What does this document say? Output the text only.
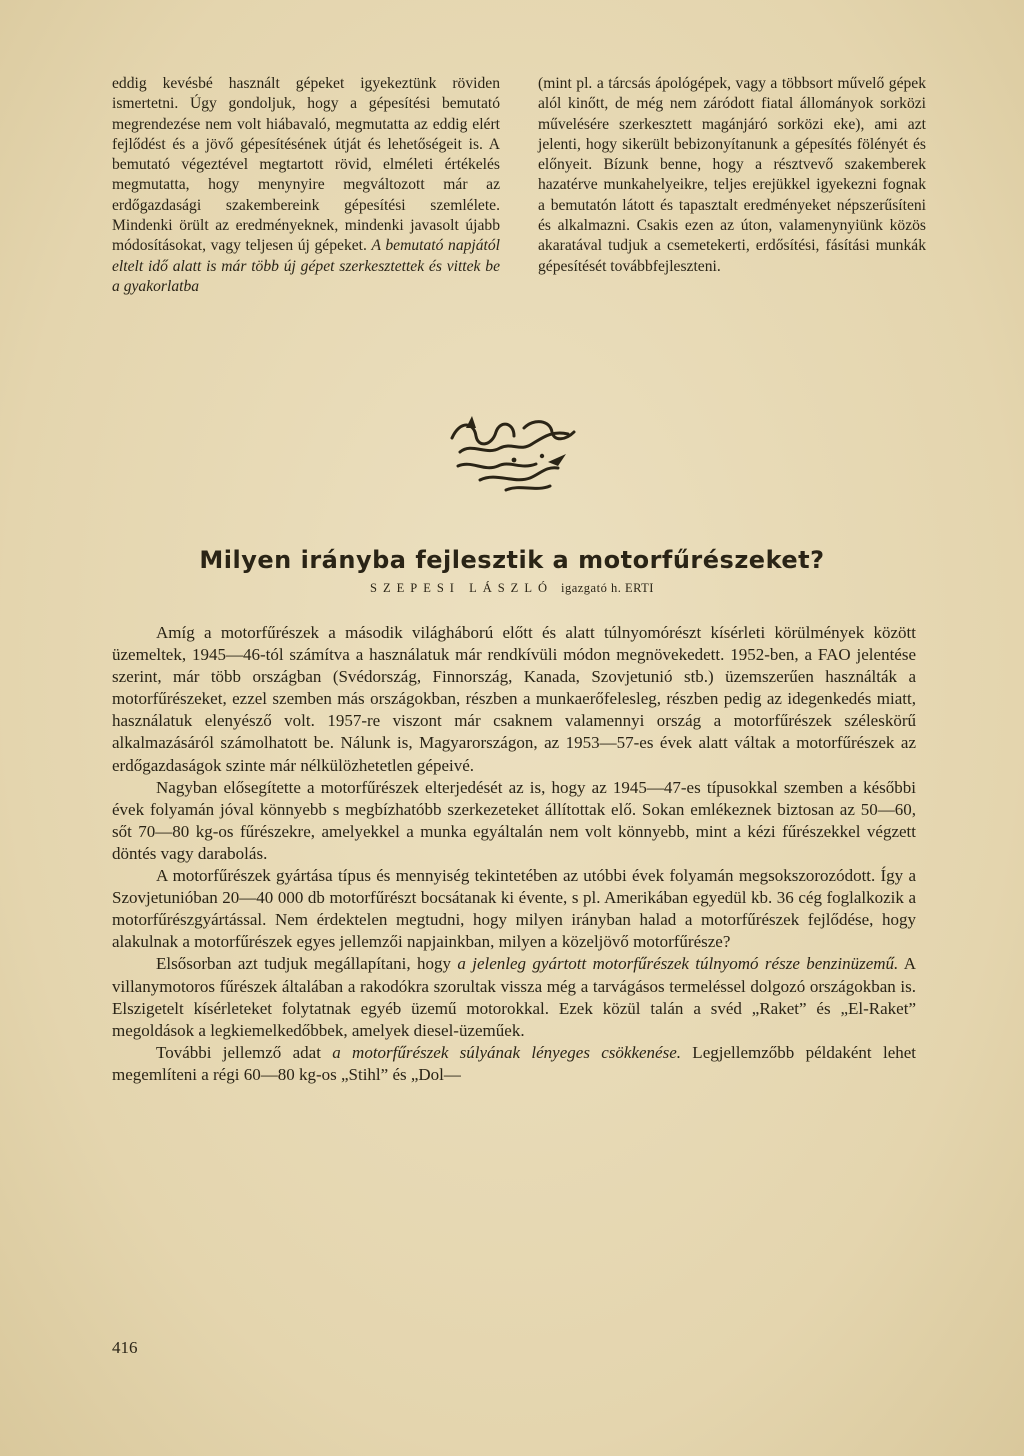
eddig kevésbé használt gépeket igyekeztünk röviden ismertetni. Úgy gondoljuk, hogy a gépesítési bemutató megrendezése nem volt hiábavaló, megmutatta az eddig elért fejlődést és a jövő gépesítésének útját és lehetőségeit is. A bemutató végeztével megtartott rövid, elméleti értékelés megmutatta, hogy menynyire megváltozott már az erdőgazdasági szakembereink gépesítési szemlélete. Mindenki örült az eredményeknek, mindenki javasolt újabb módosításokat, vagy teljesen új gépeket. A bemutató napjától eltelt idő alatt is már több új gépet szerkesztettek és vittek be a gyakorlatba

(mint pl. a tárcsás ápológépek, vagy a többsort művelő gépek alól kinőtt, de még nem záródott fiatal állományok sorközi művelésére szerkesztett magánjáró sorközi eke), ami azt jelenti, hogy sikerült bebizonyítanunk a gépesítés fölényét és előnyeit. Bízunk benne, hogy a résztvevő szakemberek hazatérve munkahelyeikre, teljes erejükkel igyekezni fognak a bemutatón látott és tapasztalt eredményeket népszerűsíteni és alkalmazni. Csakis ezen az úton, valamenynyiünk közös akaratával tudjuk a csemetekerti, erdősítési, fásítási munkák gépesítését továbbfejleszteni.

Milyen irányba fejlesztik a motorfűrészeket?

SZEPESI LÁSZLÓ igazgató h. ERTI

Amíg a motorfűrészek a második világháború előtt és alatt túlnyomórészt kísérleti körülmények között üzemeltek, 1945—46-tól számítva a használatuk már rendkívüli módon megnövekedett. 1952-ben, a FAO jelentése szerint, már több országban (Svédország, Finnország, Kanada, Szovjetunió stb.) üzemszerűen használták a motorfűrészeket, ezzel szemben más országokban, részben a munkaerőfelesleg, részben pedig az idegenkedés miatt, használatuk elenyésző volt. 1957-re viszont már csaknem valamennyi ország a motorfűrészek széleskörű alkalmazásáról számolhatott be. Nálunk is, Magyarországon, az 1953—57-es évek alatt váltak a motorfűrészek az erdőgazdaságok szinte már nélkülözhetetlen gépeivé.

Nagyban elősegítette a motorfűrészek elterjedését az is, hogy az 1945—47-es típusokkal szemben a későbbi évek folyamán jóval könnyebb s megbízhatóbb szerkezeteket állítottak elő. Sokan emlékeznek biztosan az 50—60, sőt 70—80 kg-os fűrészekre, amelyekkel a munka egyáltalán nem volt könnyebb, mint a kézi fűrészekkel végzett döntés vagy darabolás.

A motorfűrészek gyártása típus és mennyiség tekintetében az utóbbi évek folyamán megsokszorozódott. Így a Szovjetunióban 20—40 000 db motorfűrészt bocsátanak ki évente, s pl. Amerikában egyedül kb. 36 cég foglalkozik a motorfűrészgyártással. Nem érdektelen megtudni, hogy milyen irányban halad a motorfűrészek fejlődése, hogy alakulnak a motorfűrészek egyes jellemzői napjainkban, milyen a közeljövő motorfűrésze?

Elsősorban azt tudjuk megállapítani, hogy a jelenleg gyártott motorfűrészek túlnyomó része benzinüzemű. A villanymotoros fűrészek általában a rakodókra szorultak vissza még a tarvágásos termeléssel dolgozó országokban is. Elszigetelt kísérleteket folytatnak egyéb üzemű motorokkal. Ezek közül talán a svéd „Raket” és „El-Raket” megoldások a legkiemelkedőbbek, amelyek diesel-üzeműek.

További jellemző adat a motorfűrészek súlyának lényeges csökkenése. Legjellemzőbb példaként lehet megemlíteni a régi 60—80 kg-os „Stihl” és „Dol—

416
